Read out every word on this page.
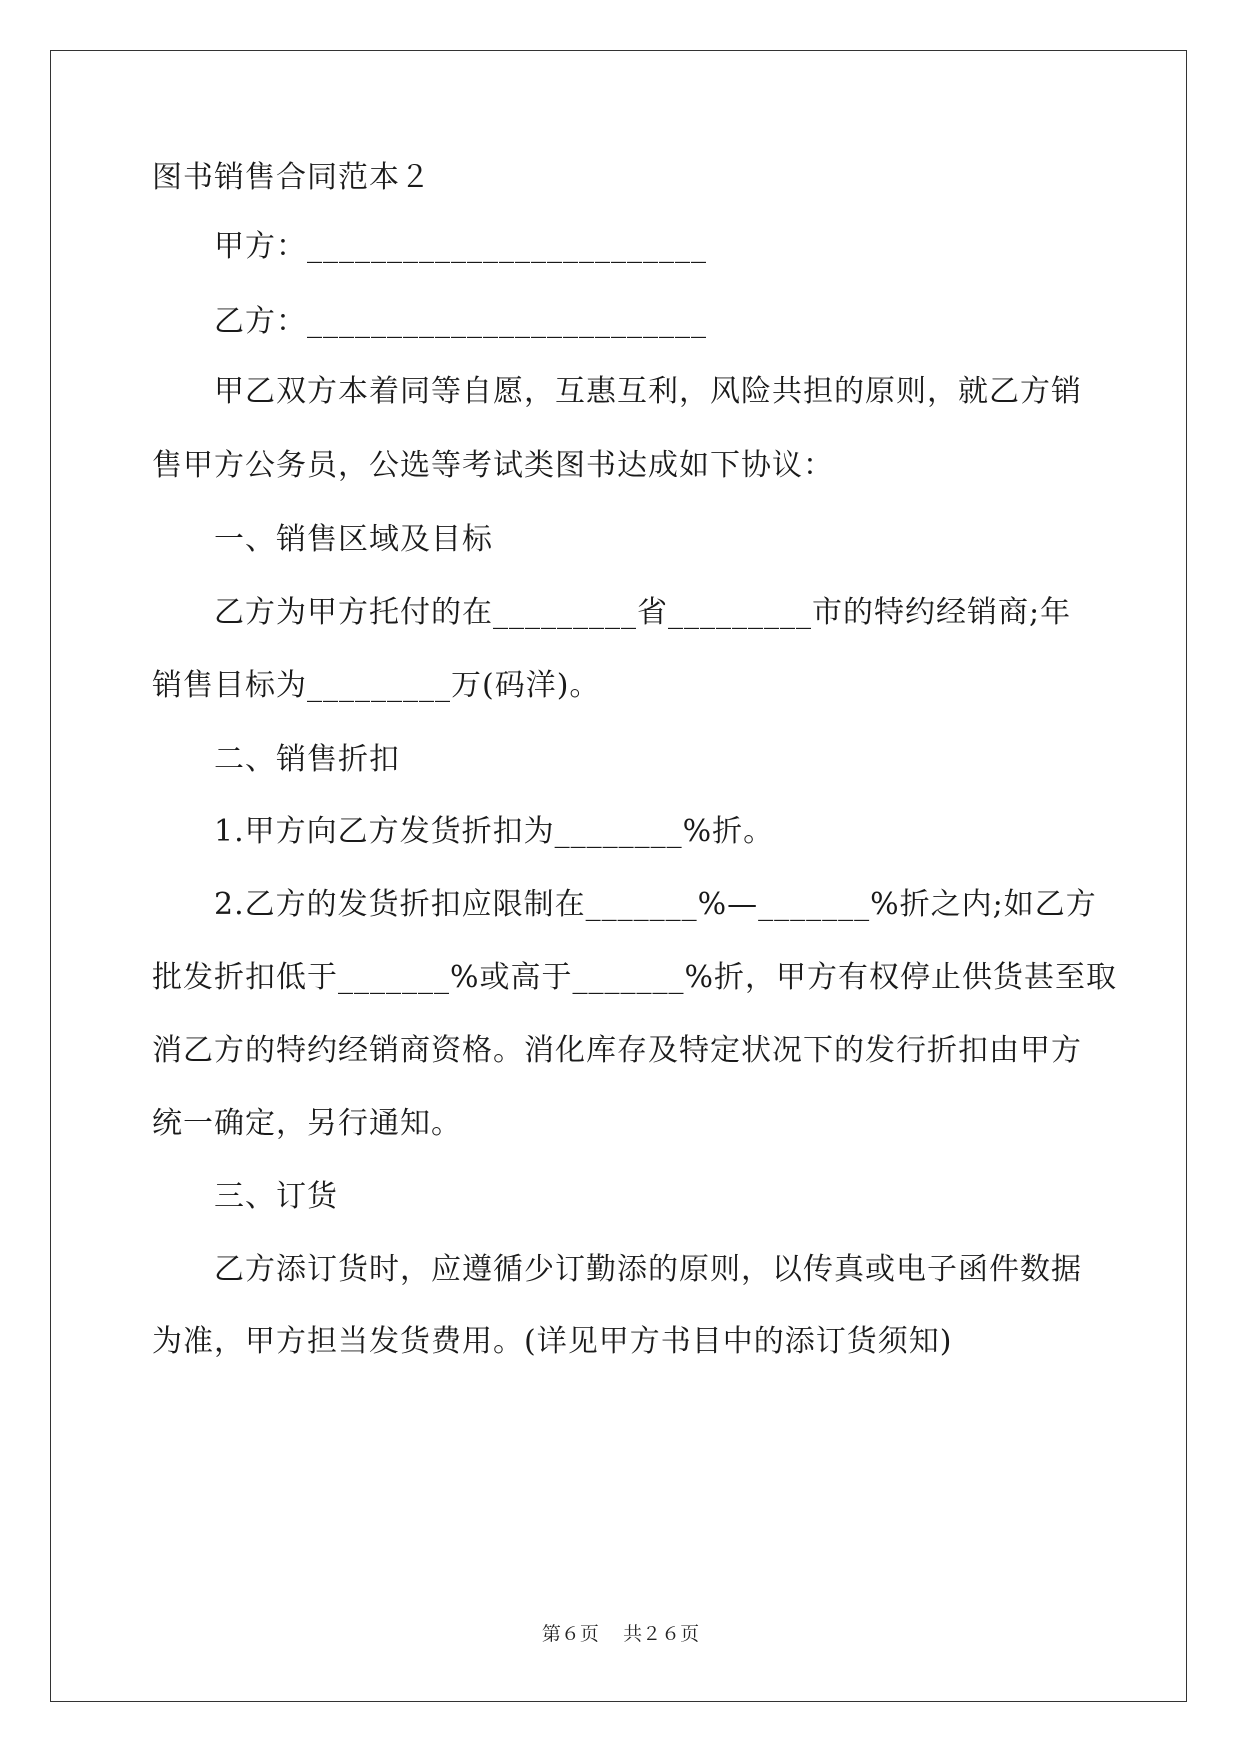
图书销售合同范本２
甲方：_________________________
乙方：_________________________
甲乙双方本着同等自愿，互惠互利，风险共担的原则，就乙方销
售甲方公务员，公选等考试类图书达成如下协议：
一、销售区域及目标
乙方为甲方托付的在_________省_________市的特约经销商;年
销售目标为_________万(码洋)。
二、销售折扣
1.甲方向乙方发货折扣为________%折。
2.乙方的发货折扣应限制在_______%—_______%折之内;如乙方
批发折扣低于_______%或高于_______%折，甲方有权停止供货甚至取
消乙方的特约经销商资格。消化库存及特定状况下的发行折扣由甲方
统一确定，另行通知。
三、订货
乙方添订货时，应遵循少订勤添的原则，以传真或电子函件数据
为准，甲方担当发货费用。(详见甲方书目中的添订货须知)
第６页 共２６页
